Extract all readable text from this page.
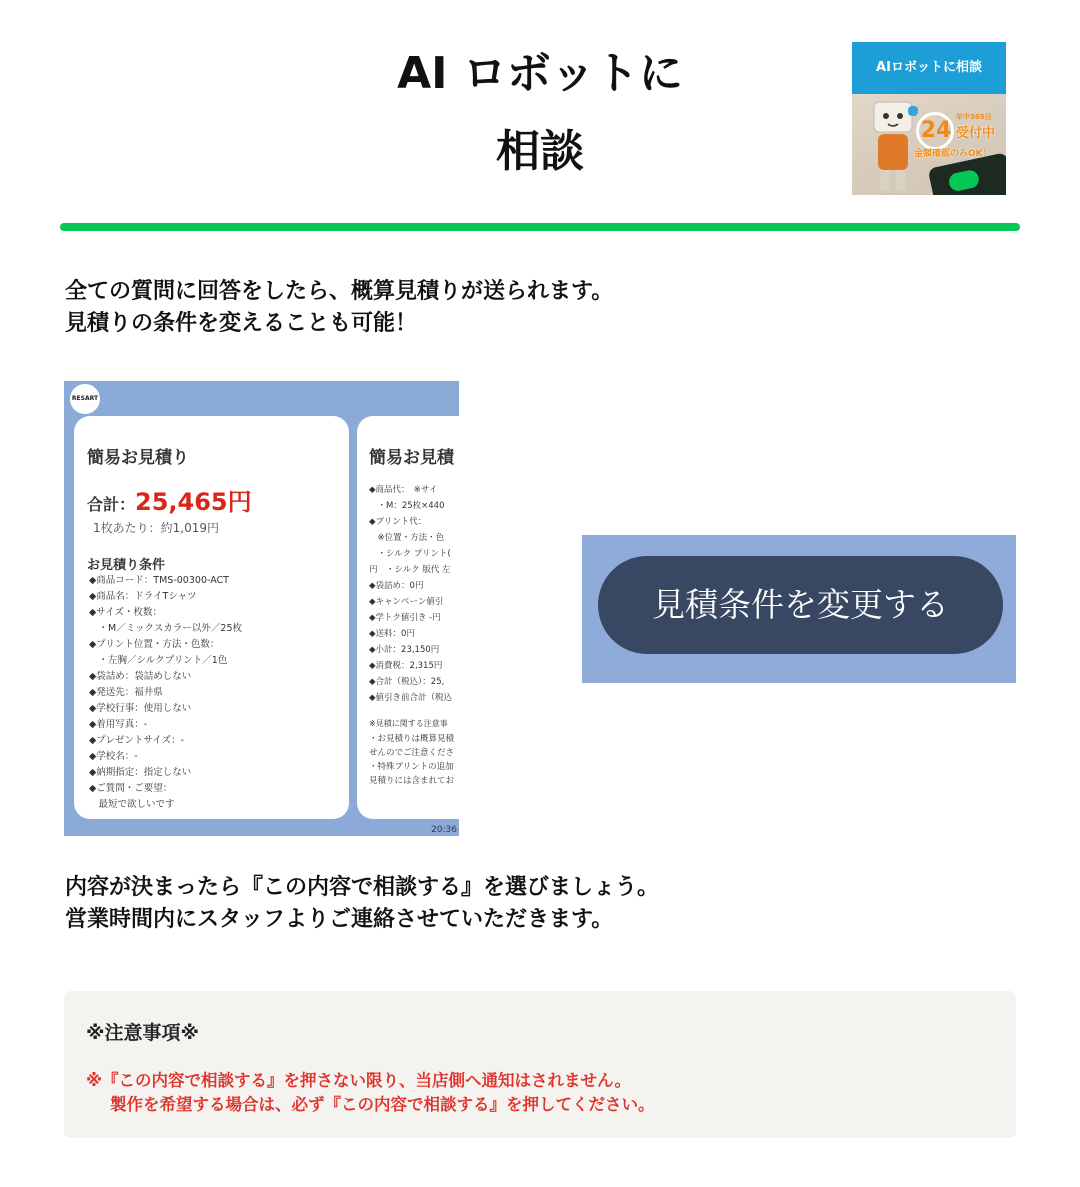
AI ロボットに
相談
AIロボットに相談
24
年中365日
受付中
金額確認のみOK！
全ての質問に回答をしたら、概算見積りが送られます。
見積りの条件を変えることも可能！
RESART
簡易お見積り
合計：25,465円
1枚あたり：約1,019円
お見積り条件
◆商品コード：TMS-00300-ACT
◆商品名：ドライTシャツ
◆サイズ・枚数：
　・M／ミックスカラー以外／25枚
◆プリント位置・方法・色数：
　・左胸／シルクプリント／1色
◆袋詰め：袋詰めしない
◆発送先：福井県
◆学校行事：使用しない
◆着用写真：-
◆プレゼントサイズ：-
◆学校名：-
◆納期指定：指定しない
◆ご質問・ご要望：
　最短で欲しいです
簡易お見積
◆商品代：　※サイ
　・M：25枚×440
◆プリント代：
　※位置・方法・色
　・シルク プリント(
円　・シルク 版代 左
◆袋詰め：0円
◆キャンペーン値引
◆学トク値引き -円
◆送料：0円
◆小計：23,150円
◆消費税：2,315円
◆合計（税込）：25,
◆値引き前合計（税込
※見積に関する注意事
・お見積りは概算見積
せんのでご注意くださ
・特殊プリントの追加
見積りには含まれてお
20:36
見積条件を変更する
内容が決まったら『この内容で相談する』を選びましょう。
営業時間内にスタッフよりご連絡させていただきます。
※注意事項※
※『この内容で相談する』を押さない限り、当店側へ通知はされません。
製作を希望する場合は、必ず『この内容で相談する』を押してください。
